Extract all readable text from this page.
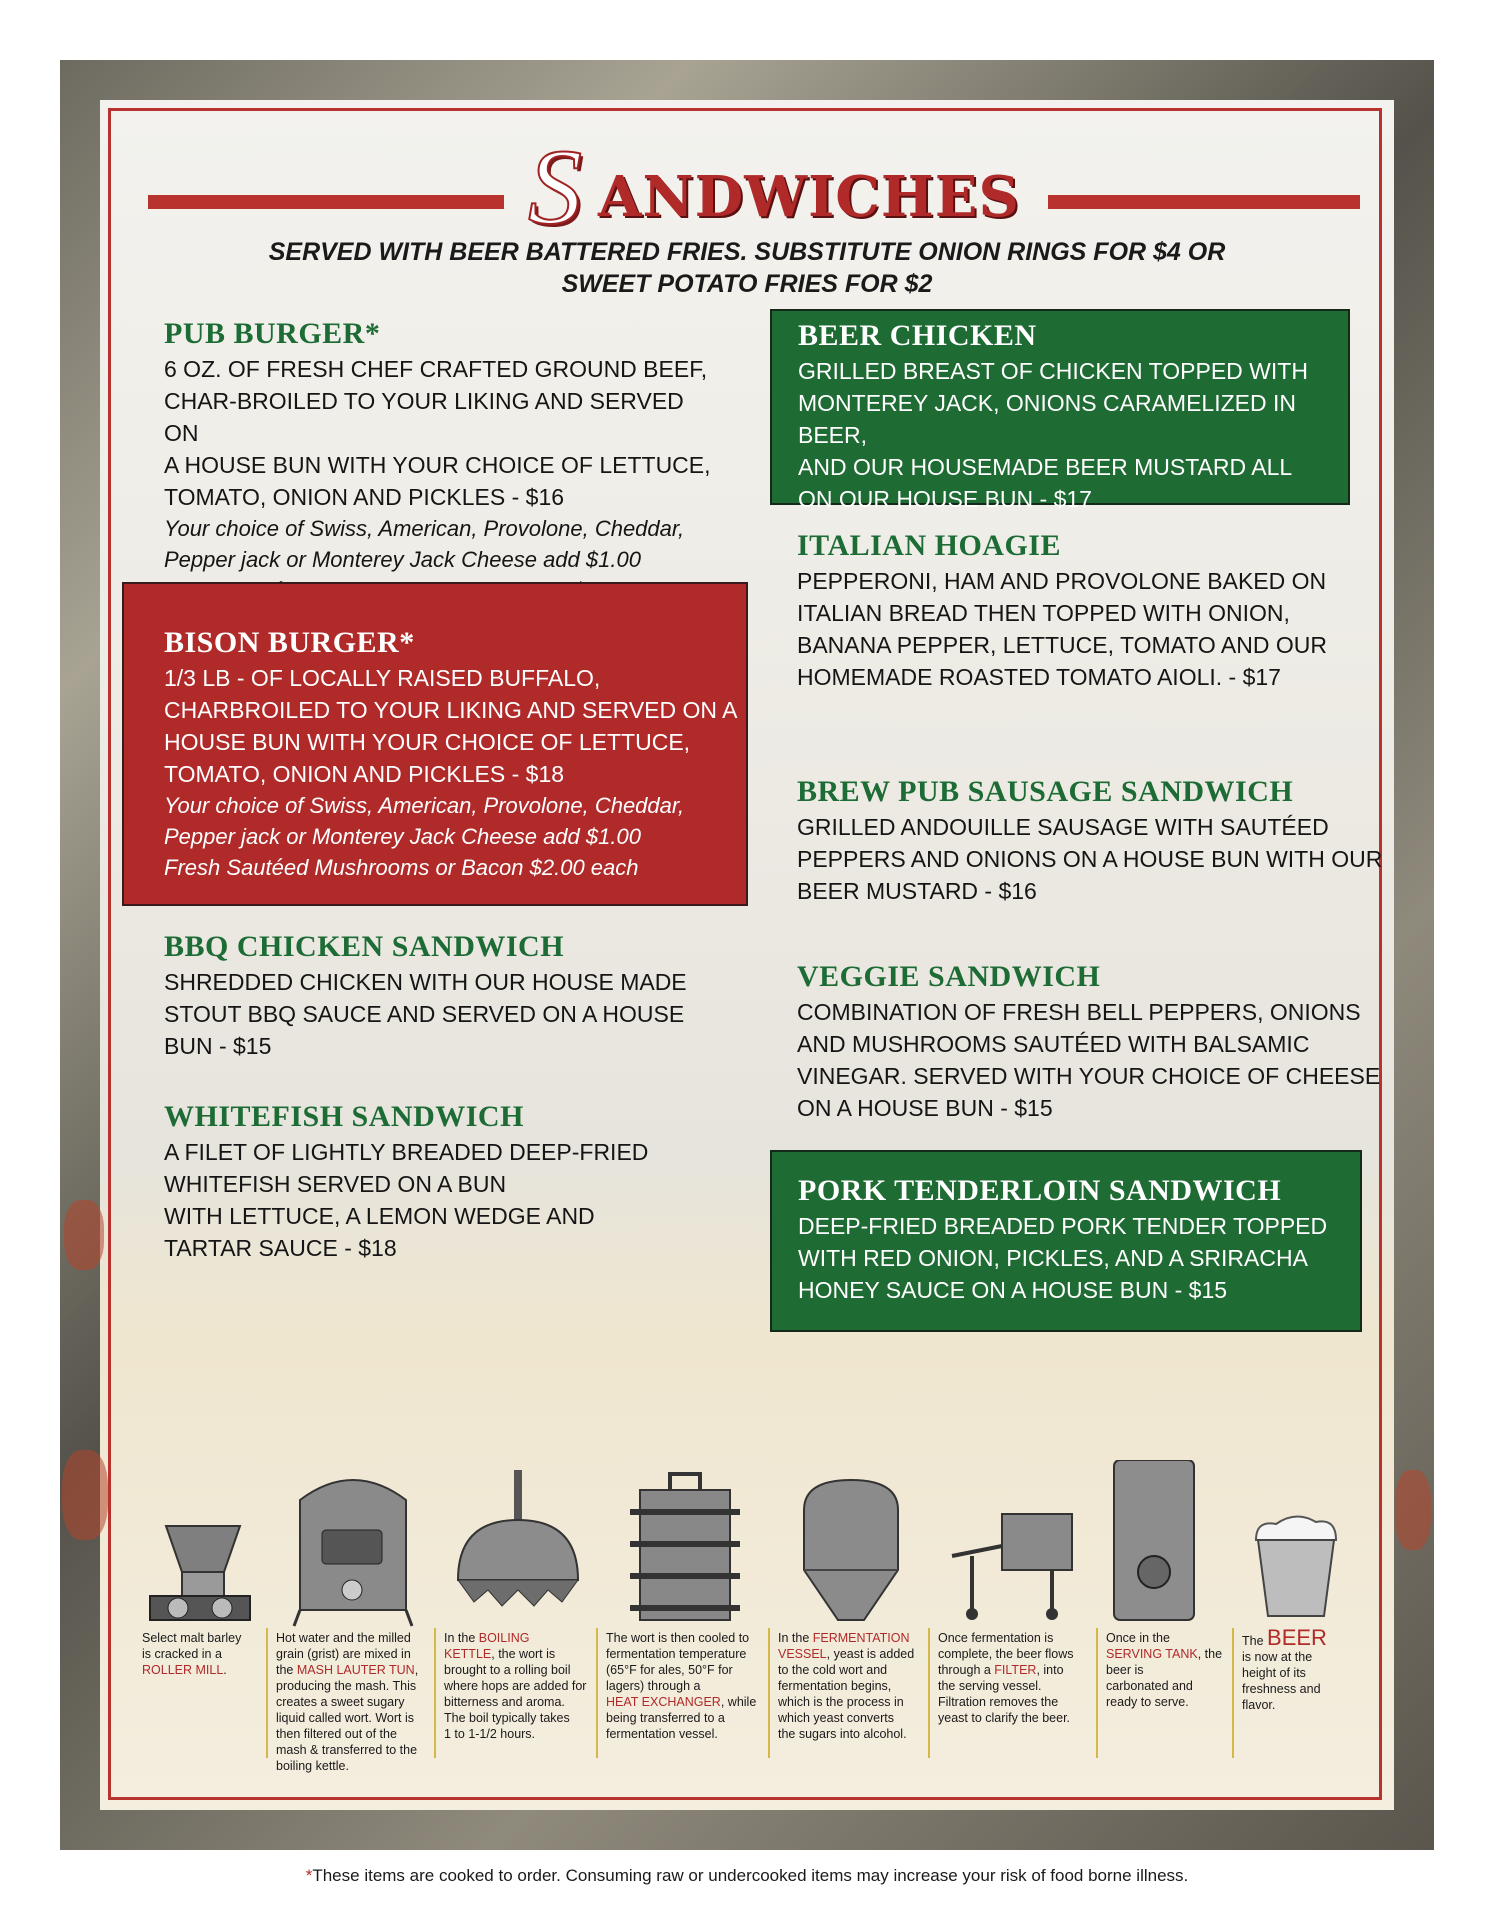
S ANDWICHES
SERVED WITH BEER BATTERED FRIES. SUBSTITUTE ONION RINGS FOR $4 OR
SWEET POTATO FRIES FOR $2
PUB BURGER*
6 OZ. OF FRESH CHEF CRAFTED GROUND BEEF,
CHAR-BROILED TO YOUR LIKING AND SERVED ON
A HOUSE BUN WITH YOUR CHOICE OF LETTUCE,
TOMATO, ONION AND PICKLES - $16
Your choice of Swiss, American, Provolone, Cheddar,
Pepper jack or Monterey Jack Cheese add $1.00
BISON BURGER*
1/3 LB - OF LOCALLY RAISED BUFFALO,
CHARBROILED TO YOUR LIKING AND SERVED ON A
HOUSE BUN WITH YOUR CHOICE OF LETTUCE,
TOMATO, ONION AND PICKLES - $18
Your choice of Swiss, American, Provolone, Cheddar,
Pepper jack or Monterey Jack Cheese add $1.00
Fresh Sautéed Mushrooms or Bacon $2.00 each
BBQ CHICKEN SANDWICH
SHREDDED CHICKEN WITH OUR HOUSE MADE
STOUT BBQ SAUCE AND SERVED ON A HOUSE
BUN - $15
WHITEFISH SANDWICH
A FILET OF LIGHTLY BREADED DEEP-FRIED
WHITEFISH SERVED ON A BUN
WITH LETTUCE, A LEMON WEDGE AND
TARTAR SAUCE - $18
BEER CHICKEN
GRILLED BREAST OF CHICKEN TOPPED WITH
MONTEREY JACK, ONIONS CARAMELIZED IN BEER,
AND OUR HOUSEMADE BEER MUSTARD ALL
ON OUR HOUSE BUN - $17
ITALIAN HOAGIE
PEPPERONI, HAM AND PROVOLONE BAKED ON
ITALIAN BREAD THEN TOPPED WITH ONION,
BANANA PEPPER, LETTUCE, TOMATO AND OUR
HOMEMADE ROASTED TOMATO AIOLI. - $17
BREW PUB SAUSAGE SANDWICH
GRILLED ANDOUILLE SAUSAGE WITH SAUTÉED
PEPPERS AND ONIONS ON A HOUSE BUN WITH OUR
BEER MUSTARD - $16
VEGGIE SANDWICH
COMBINATION OF FRESH BELL PEPPERS, ONIONS
AND MUSHROOMS SAUTÉED WITH BALSAMIC
VINEGAR. SERVED WITH YOUR CHOICE OF CHEESE
ON A HOUSE BUN - $15
PORK TENDERLOIN SANDWICH
DEEP-FRIED BREADED PORK TENDER TOPPED
WITH RED ONION, PICKLES, AND A SRIRACHA
HONEY SAUCE ON A HOUSE BUN - $15
Select malt barley
is cracked in a
ROLLER MILL.
Hot water and the milled
grain (grist) are mixed in
the MASH LAUTER TUN,
producing the mash. This
creates a sweet sugary
liquid called wort. Wort is
then filtered out of the
mash & transferred to the
boiling kettle.
In the BOILING
KETTLE, the wort is
brought to a rolling boil
where hops are added for
bitterness and aroma.
The boil typically takes
1 to 1-1/2 hours.
The wort is then cooled to
fermentation temperature
(65°F for ales, 50°F for
lagers) through a
HEAT EXCHANGER, while
being transferred to a
fermentation vessel.
In the FERMENTATION
VESSEL, yeast is added
to the cold wort and
fermentation begins,
which is the process in
which yeast converts
the sugars into alcohol.
Once fermentation is
complete, the beer flows
through a FILTER, into
the serving vessel.
Filtration removes the
yeast to clarify the beer.
Once in the
SERVING TANK, the
beer is
carbonated and
ready to serve.
The BEER
is now at the
height of its
freshness and flavor.
*These items are cooked to order. Consuming raw or undercooked items may increase your risk of food borne illness.
